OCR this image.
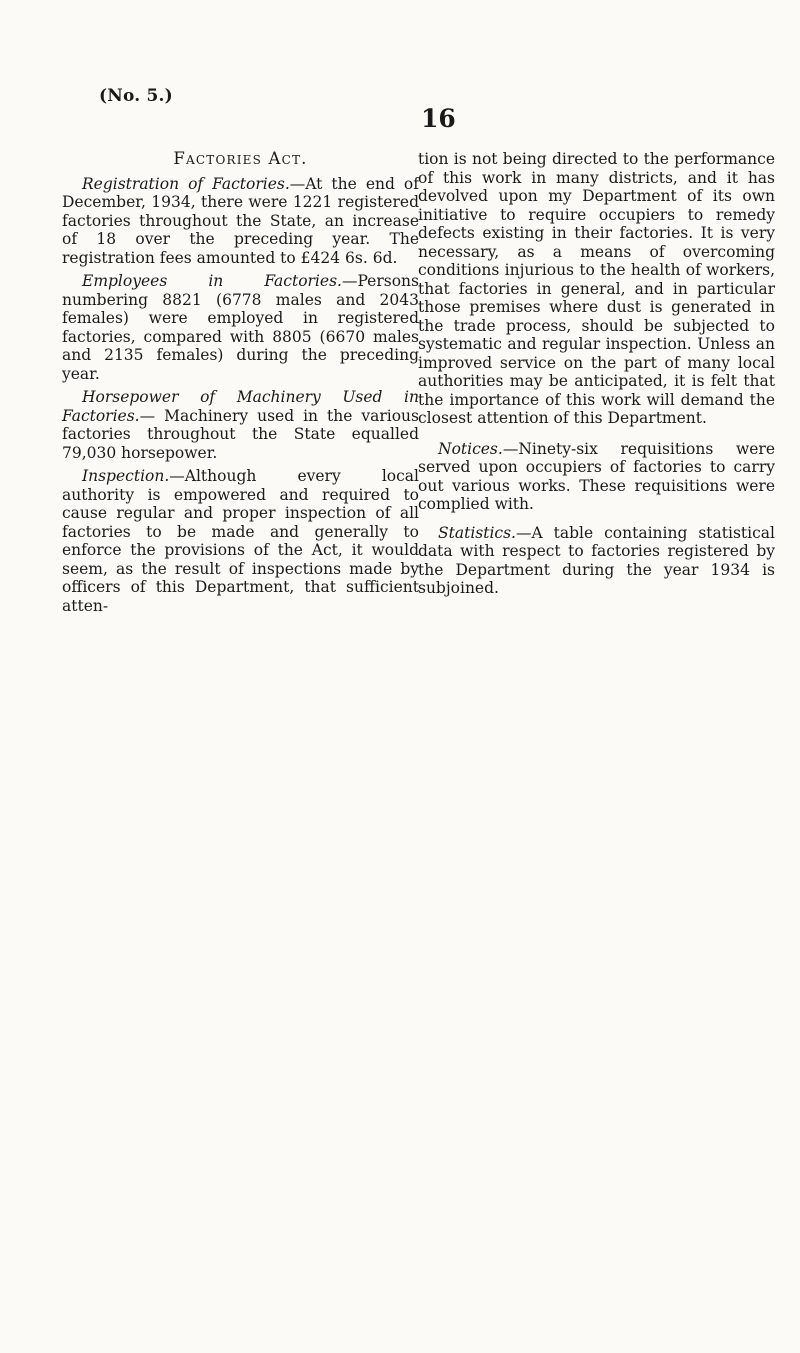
(No. 5.)
16
Factories Act.

Registration of Factories.—At the end of December, 1934, there were 1221 registered factories throughout the State, an increase of 18 over the preceding year. The registration fees amounted to £424 6s. 6d.

Employees in Factories.—Persons numbering 8821 (6778 males and 2043 females) were employed in registered factories, compared with 8805 (6670 males and 2135 females) during the preceding year.

Horsepower of Machinery Used in Factories.— Machinery used in the various factories throughout the State equalled 79,030 horsepower.

Inspection.—Although every local authority is empowered and required to cause regular and proper inspection of all factories to be made and generally to enforce the provisions of the Act, it would seem, as the result of inspections made by officers of this Department, that sufficient atten-

tion is not being directed to the performance of this work in many districts, and it has devolved upon my Department of its own initiative to require occupiers to remedy defects existing in their factories. It is very necessary, as a means of overcoming conditions injurious to the health of workers, that factories in general, and in particular those premises where dust is generated in the trade process, should be subjected to systematic and regular inspection. Unless an improved service on the part of many local authorities may be anticipated, it is felt that the importance of this work will demand the closest attention of this Department.

Notices.—Ninety-six requisitions were served upon occupiers of factories to carry out various works. These requisitions were complied with.

Statistics.—A table containing statistical data with respect to factories registered by the Department during the year 1934 is subjoined.
